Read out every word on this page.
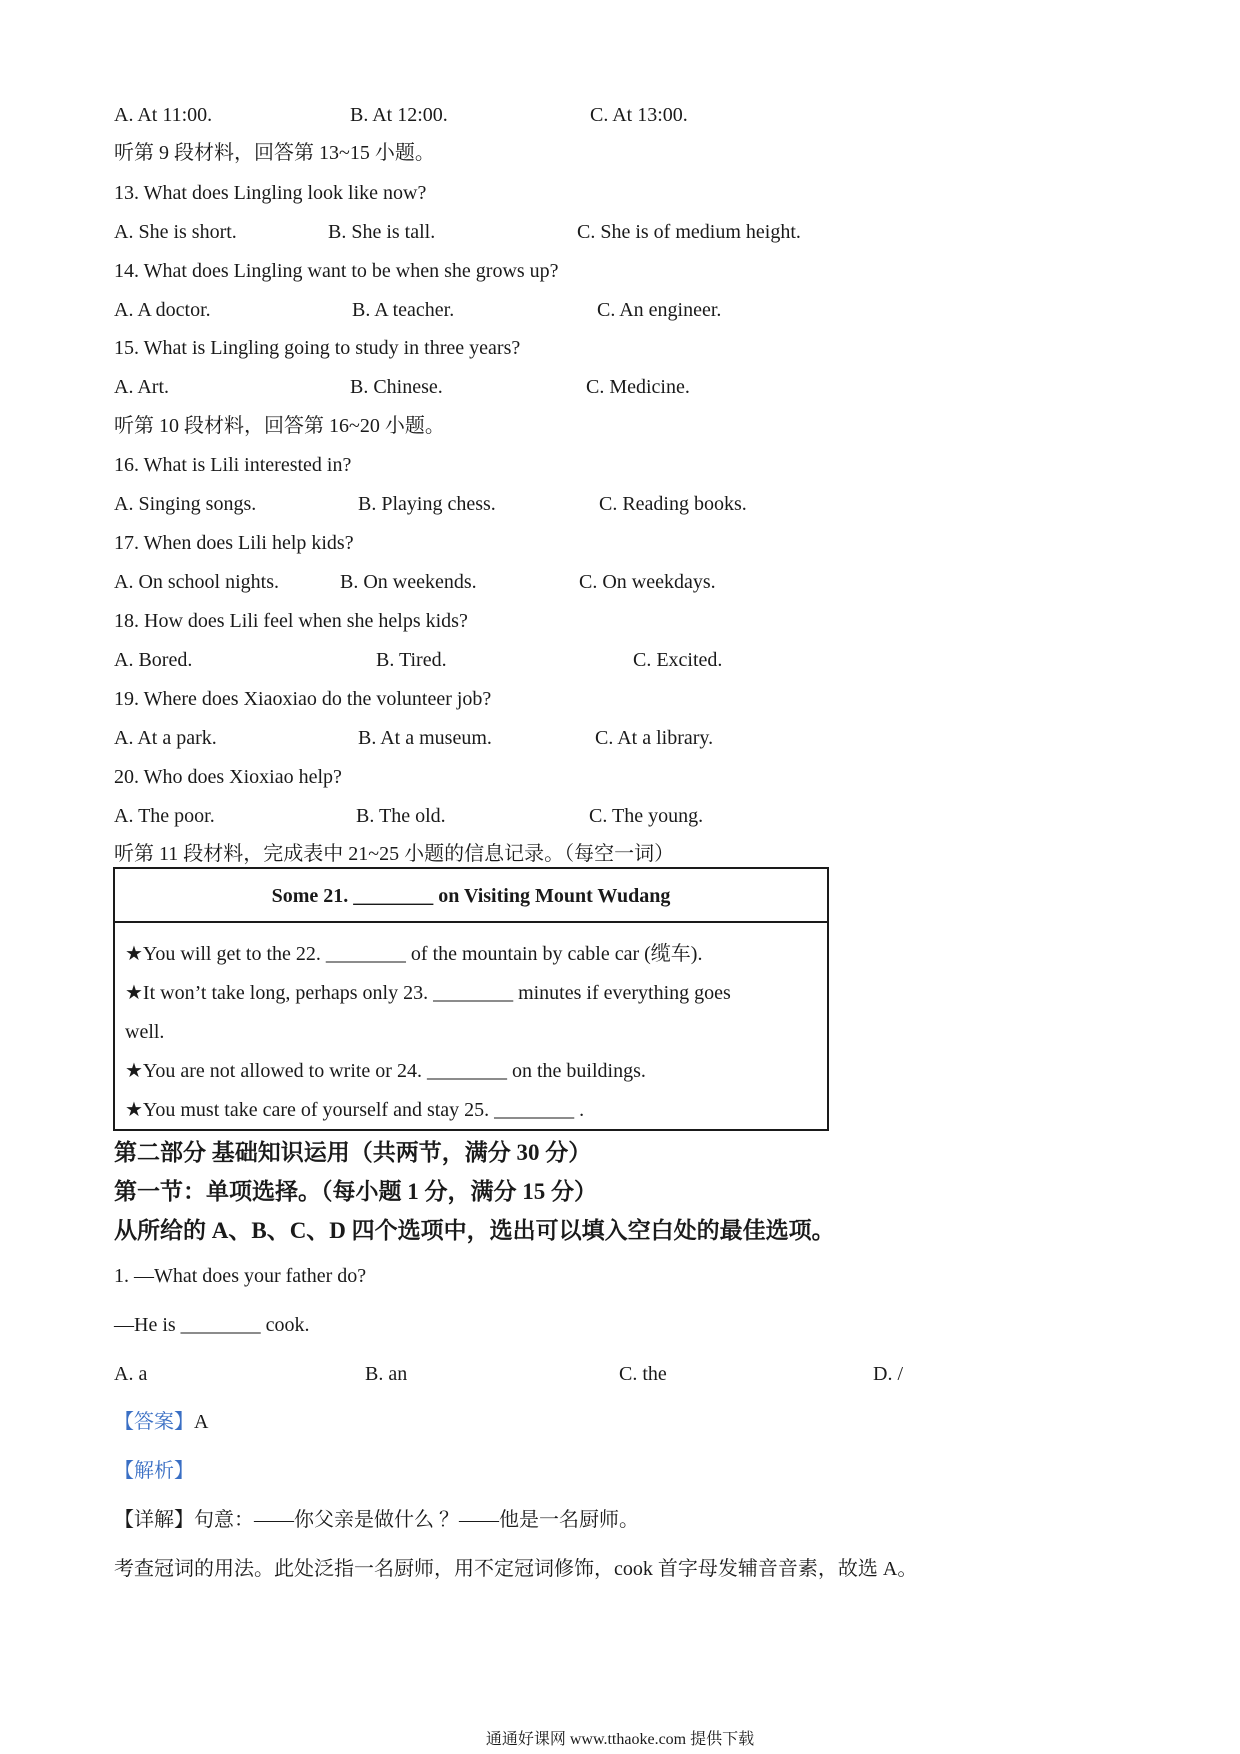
A. At 11:00.	B. At 12:00.	C. At 13:00.
听第 9 段材料，回答第 13~15 小题。
13. What does Lingling look like now?
A. She is short.	B. She is tall.	C. She is of medium height.
14. What does Lingling want to be when she grows up?
A. A doctor.	B. A teacher.	C. An engineer.
15. What is Lingling going to study in three years?
A. Art.	B. Chinese.	C. Medicine.
听第 10 段材料，回答第 16~20 小题。
16. What is Lili interested in?
A. Singing songs.	B. Playing chess.	C. Reading books.
17. When does Lili help kids?
A. On school nights.	B. On weekends.	C. On weekdays.
18. How does Lili feel when she helps kids?
A. Bored.	B. Tired.	C. Excited.
19. Where does Xiaoxiao do the volunteer job?
A. At a park.	B. At a museum.	C. At a library.
20. Who does Xioxiao help?
A. The poor.	B. The old.	C. The young.
听第 11 段材料，完成表中 21~25 小题的信息记录。（每空一词）
Some 21. ________ on Visiting Mount Wudang
★You will get to the 22. ________ of the mountain by cable car (缆车).
★It won’t take long, perhaps only 23. ________ minutes if everything goes
well.
★You are not allowed to write or 24. ________ on the buildings.
★You must take care of yourself and stay 25. ________ .
第二部分 基础知识运用（共两节，满分 30 分）
第一节：单项选择。（每小题 1 分，满分 15 分）
从所给的 A、B、C、D 四个选项中，选出可以填入空白处的最佳选项。
1. —What does your father do?
—He is ________ cook.
A. a	B. an	C. the	D. /
【答案】A
【解析】
【详解】句意：——你父亲是做什么 ？——他是一名厨师。
考查冠词的用法。此处泛指一名厨师，用不定冠词修饰，cook 首字母发辅音音素，故选 A。
通通好课网 www.tthaoke.com 提供下载
